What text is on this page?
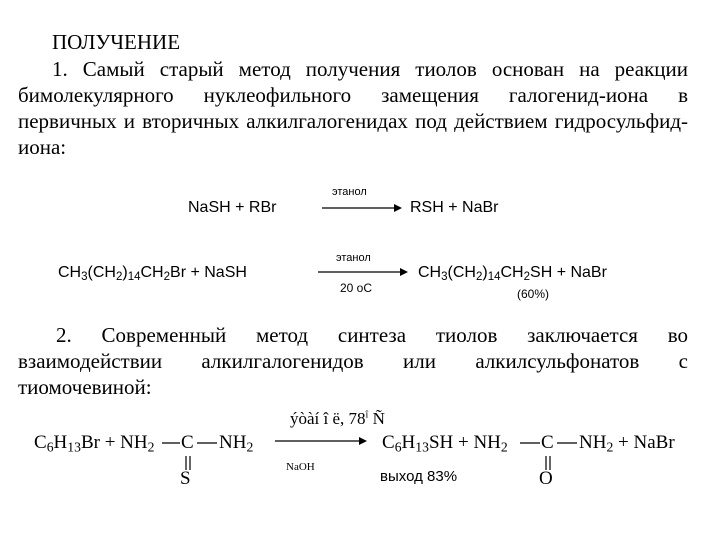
ПОЛУЧЕНИЕ
1. Самый старый метод получения тиолов основан на реакции бимолекулярного нуклеофильного замещения галогенид-иона в первичных и вторичных алкилгалогенидах под действием гидросульфид-иона:
NaSH + RBr
этанол
RSH + NaBr
$CH_3(CH_2)_{14}CH_2Br$ + NaSH
этанол
20 оС
$CH_3(CH_2)_{14}CH_2SH$ + NaBr
(60%)
2. Современный метод синтеза тиолов заключается во взаимодействии алкилгалогенидов или алкилсульфонатов с тиомочевиной:
$C_6H_{13}Br + NH_2$ C $NH_2$
S
ýòàí î ë, $78^î$ Ñ
NaOH
$C_6H_{13}SH + NH_2$ C $NH_2$ + NaBr
O
выход 83%
